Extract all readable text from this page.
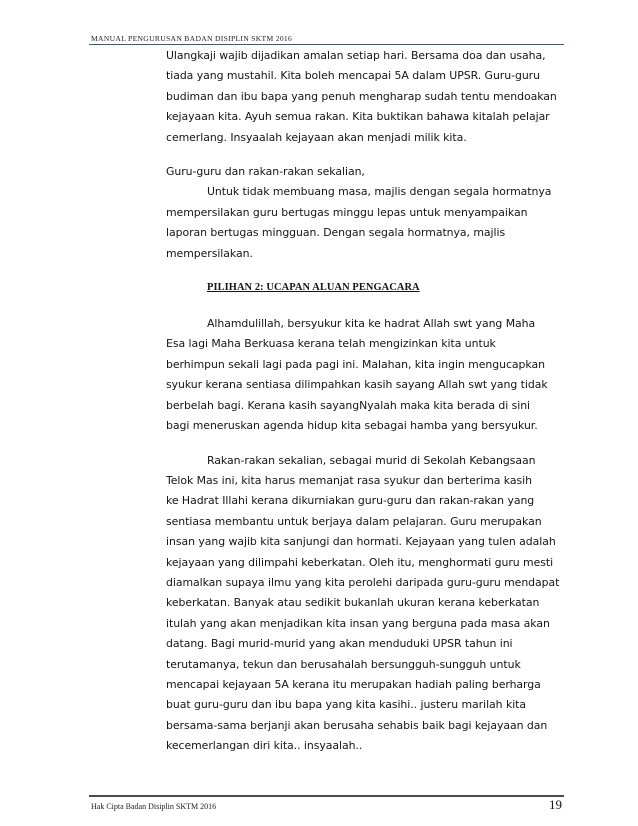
MANUAL PENGURUSAN BADAN DISIPLIN SKTM 2016
Ulangkaji wajib dijadikan amalan setiap hari. Bersama doa dan usaha,
tiada yang mustahil. Kita boleh mencapai 5A dalam UPSR. Guru-guru
budiman dan ibu bapa yang penuh mengharap sudah tentu mendoakan
kejayaan kita. Ayuh semua rakan. Kita buktikan bahawa kitalah pelajar
cemerlang. Insyaalah kejayaan akan menjadi milik kita.
Guru-guru dan rakan-rakan sekalian,
Untuk tidak membuang masa, majlis dengan segala hormatnya
mempersilakan guru bertugas minggu lepas untuk menyampaikan
laporan bertugas mingguan. Dengan segala hormatnya, majlis
mempersilakan.
PILIHAN 2: UCAPAN ALUAN PENGACARA
Alhamdulillah, bersyukur kita ke hadrat Allah swt yang Maha
Esa lagi Maha Berkuasa kerana telah mengizinkan kita untuk
berhimpun sekali lagi pada pagi ini. Malahan, kita ingin mengucapkan
syukur kerana sentiasa dilimpahkan kasih sayang Allah swt yang tidak
berbelah bagi. Kerana kasih sayangNyalah maka kita berada di sini
bagi meneruskan agenda hidup kita sebagai hamba yang bersyukur.
Rakan-rakan sekalian, sebagai murid di Sekolah Kebangsaan
Telok Mas ini, kita harus memanjat rasa syukur dan berterima kasih
ke Hadrat Illahi kerana dikurniakan guru-guru dan rakan-rakan yang
sentiasa membantu untuk berjaya dalam pelajaran. Guru merupakan
insan yang wajib kita sanjungi dan hormati. Kejayaan yang tulen adalah
kejayaan yang dilimpahi keberkatan. Oleh itu, menghormati guru mesti
diamalkan supaya ilmu yang kita perolehi daripada guru-guru mendapat
keberkatan. Banyak atau sedikit bukanlah ukuran kerana keberkatan
itulah yang akan menjadikan kita insan yang berguna pada masa akan
datang. Bagi murid-murid yang akan menduduki UPSR tahun ini
terutamanya, tekun dan berusahalah bersungguh-sungguh untuk
mencapai kejayaan 5A kerana itu merupakan hadiah paling berharga
buat guru-guru dan ibu bapa yang kita kasihi.. justeru marilah kita
bersama-sama berjanji akan berusaha sehabis baik bagi kejayaan dan
kecemerlangan diri kita.. insyaalah..
Hak Cipta Badan Disiplin SKTM 2016	19
